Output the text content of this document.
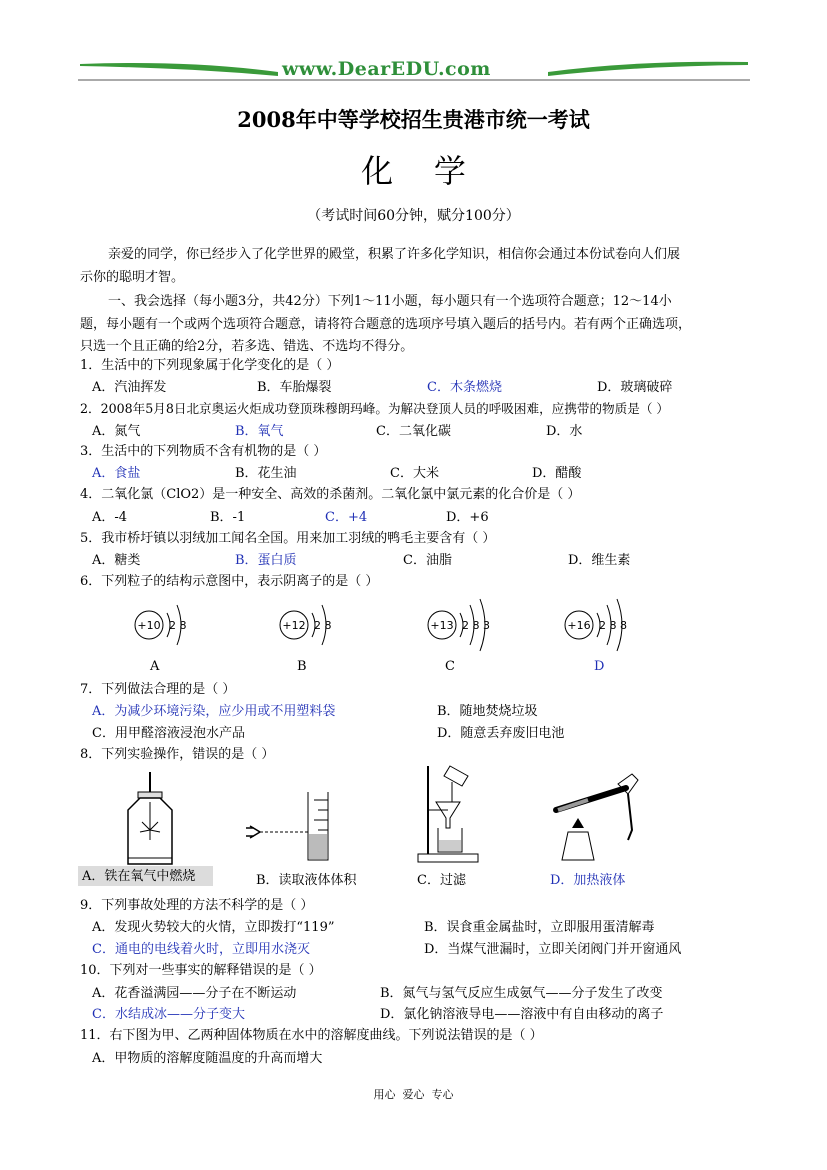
www.DearEDU.com
2008年中等学校招生贵港市统一考试
化    学
（考试时间60分钟，赋分100分）
亲爱的同学，你已经步入了化学世界的殿堂，积累了许多化学知识，相信你会通过本份试卷向人们展
示你的聪明才智。
一、我会选择（每小题3分，共42分）下列1～11小题，每小题只有一个选项符合题意；12～14小
题，每小题有一个或两个选项符合题意，请将符合题意的选项序号填入题后的括号内。若有两个正确选项，
只选一个且正确的给2分，若多选、错选、不选均不得分。
1．生活中的下列现象属于化学变化的是（ ）
A．汽油挥发	B．车胎爆裂	C．木条燃烧	D．玻璃破碎
2．2008年5月8日北京奥运火炬成功登顶珠穆朗玛峰。为解决登顶人员的呼吸困难，应携带的物质是（ ）
A．氮气	B．氧气	C．二氧化碳	D．水
3．生活中的下列物质不含有机物的是（ ）
A．食盐	B．花生油	C．大米	D．醋酸
4．二氧化氯（ClO2）是一种安全、高效的杀菌剂。二氧化氯中氯元素的化合价是（ ）
A．-4	B．-1	C．+4	D．+6
5．我市桥圩镇以羽绒加工闻名全国。用来加工羽绒的鸭毛主要含有（ ）
A．糖类	B．蛋白质	C．油脂	D．维生素
6．下列粒子的结构示意图中，表示阴离子的是（ ）
+10 2 8
A
+12 2 8
B
+13 2 8 3
C
+16 2 8 8
D
7．下列做法合理的是（ ）
A．为减少环境污染，应少用或不用塑料袋	B．随地焚烧垃圾
C．用甲醛溶液浸泡水产品	D．随意丢弃废旧电池
8．下列实验操作，错误的是（ ）
A．铁在氧气中燃烧	B．读取液体体积	C．过滤	D．加热液体
9．下列事故处理的方法不科学的是（ ）
A．发现火势较大的火情，立即拨打“119”	B．误食重金属盐时，立即服用蛋清解毒
C．通电的电线着火时，立即用水浇灭	D．当煤气泄漏时，立即关闭阀门并开窗通风
10．下列对一些事实的解释错误的是（ ）
A．花香溢满园——分子在不断运动	B．氮气与氢气反应生成氨气——分子发生了改变
C．水结成冰——分子变大	D．氯化钠溶液导电——溶液中有自由移动的离子
11．右下图为甲、乙两种固体物质在水中的溶解度曲线。下列说法错误的是（ ）
A．甲物质的溶解度随温度的升高而增大
用心  爱心  专心
